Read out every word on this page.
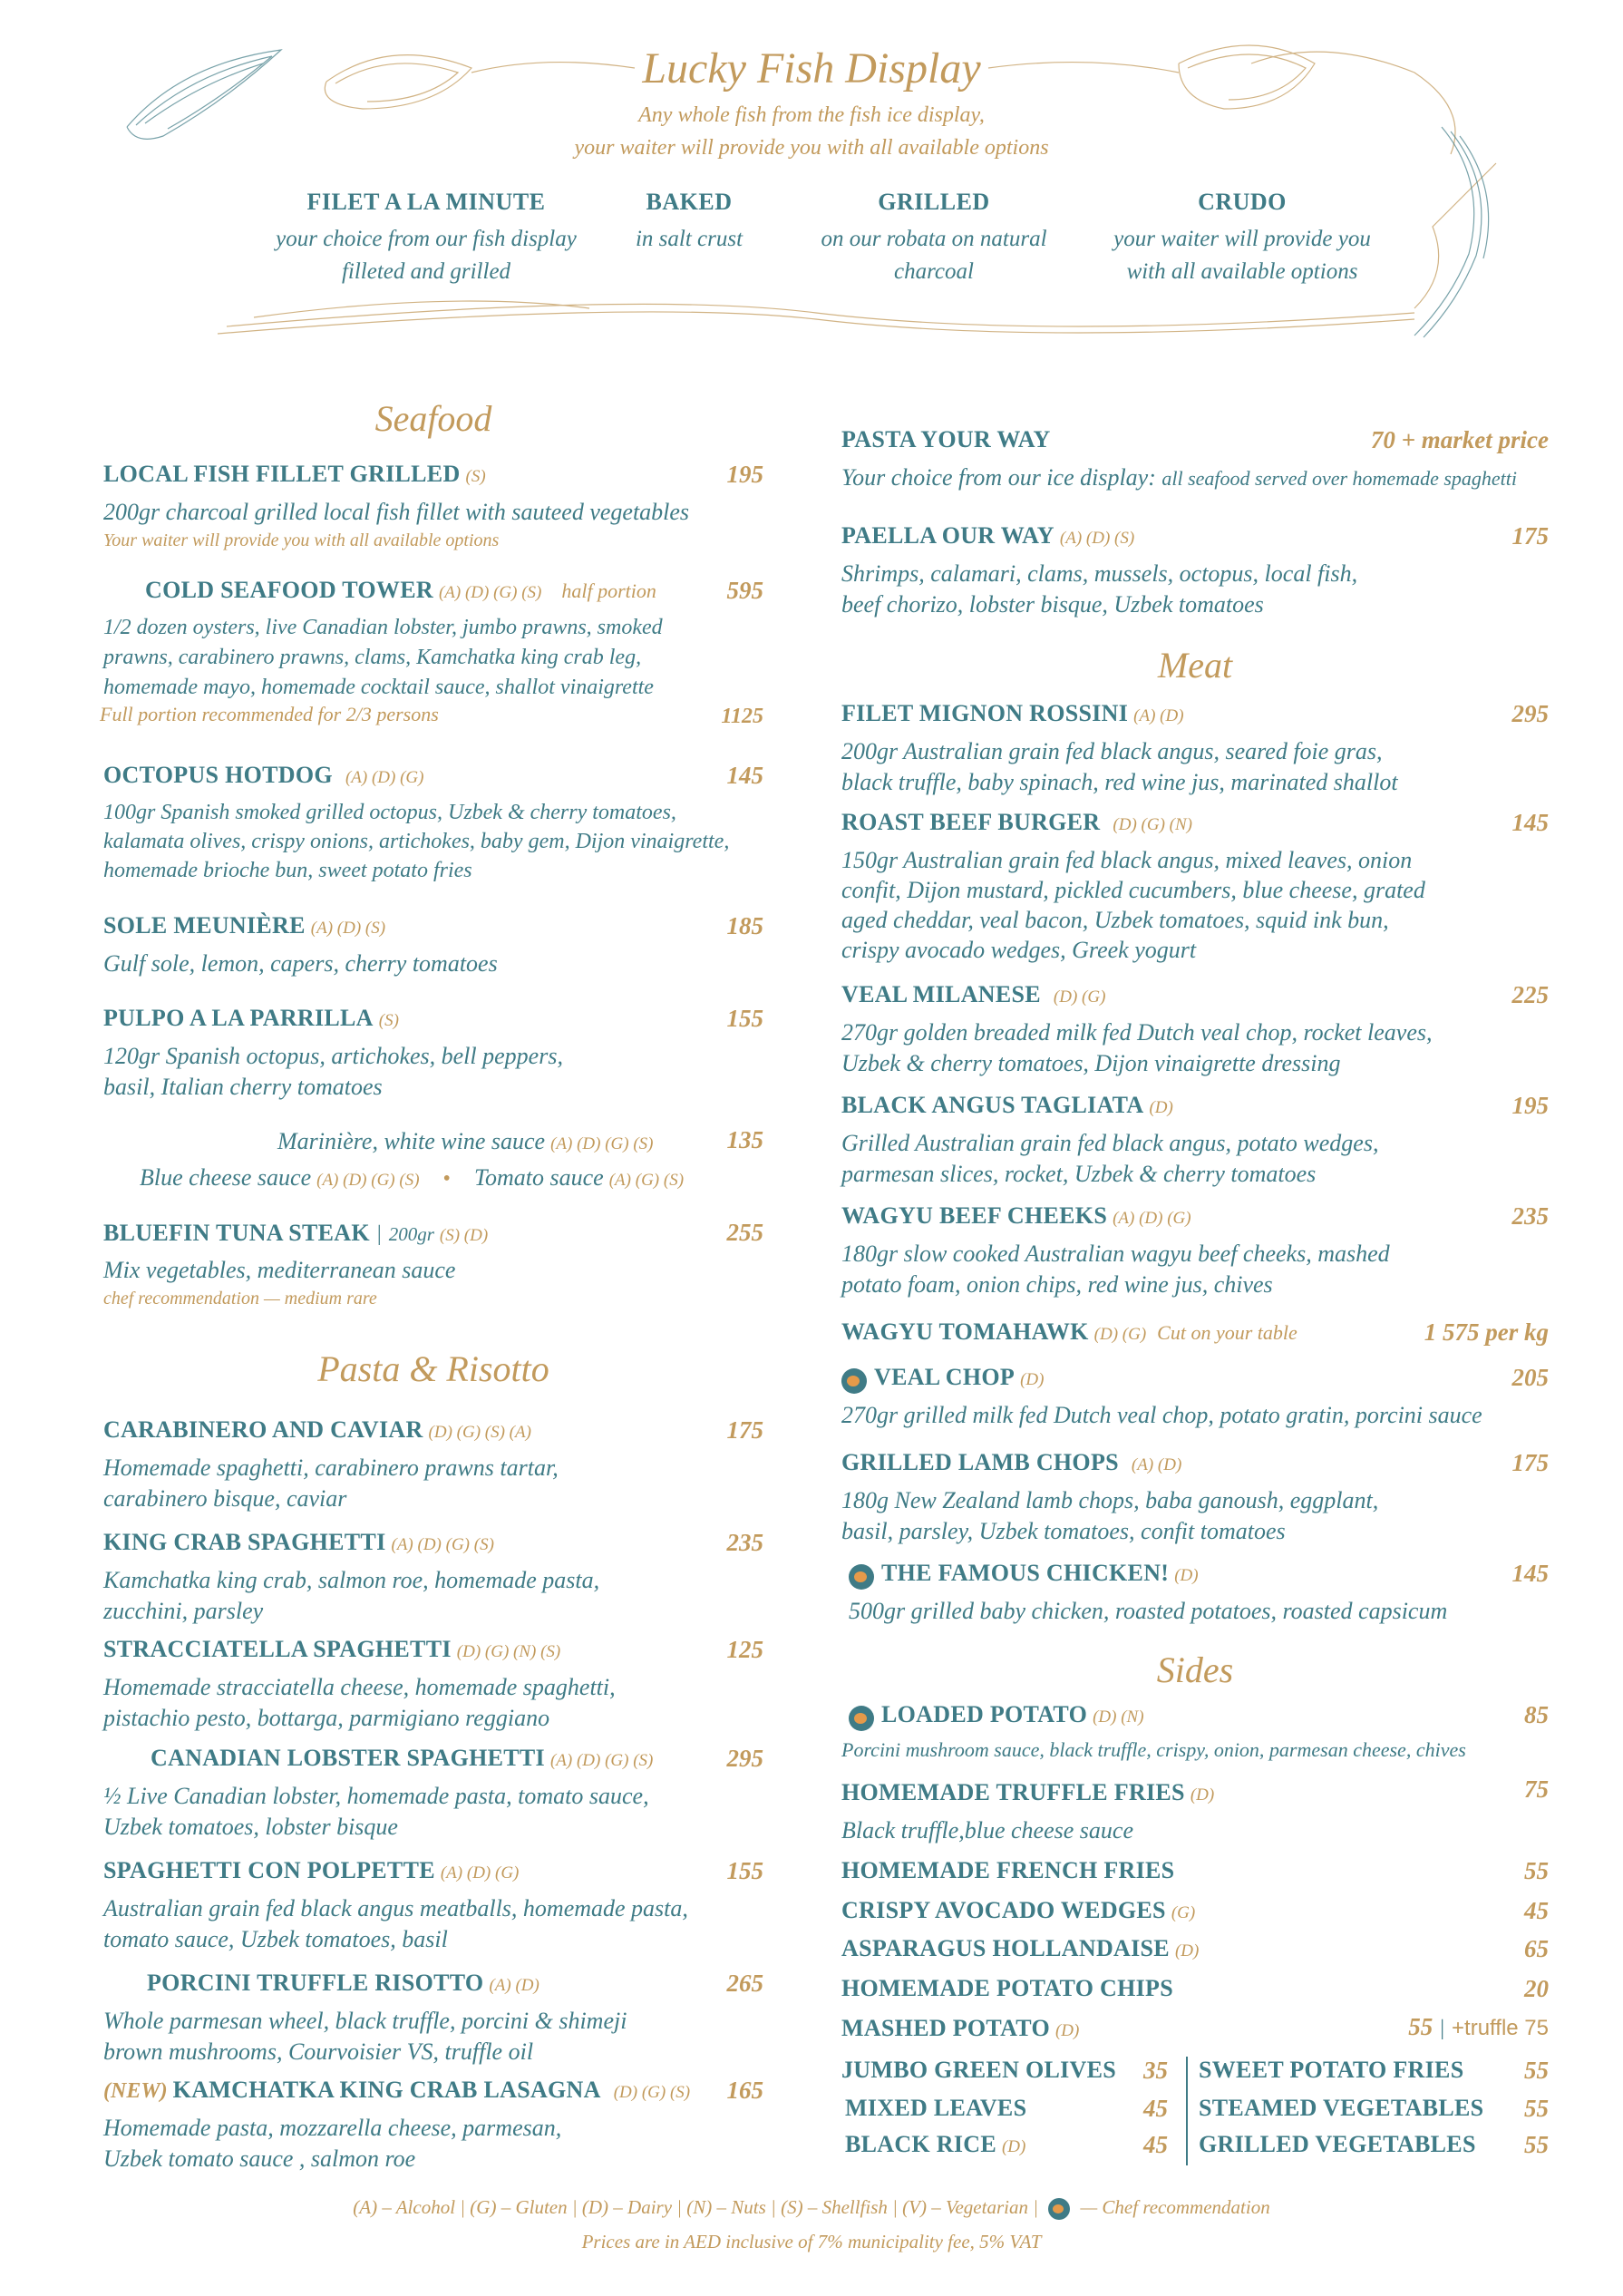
Lucky Fish Display
Any whole fish from the fish ice display,
your waiter will provide you with all available options
FILET A LA MINUTE
your choice from our fish display
filleted and grilled
BAKED
in salt crust
GRILLED
on our robata on natural
charcoal
CRUDO
your waiter will provide you
with all available options
Seafood
LOCAL FISH FILLET GRILLED (S)	195
200gr charcoal grilled local fish fillet with sauteed vegetables
Your waiter will provide you with all available options
COLD SEAFOOD TOWER (A) (D) (G) (S) half portion	595
1/2 dozen oysters, live Canadian lobster, jumbo prawns, smoked
prawns, carabinero prawns, clams, Kamchatka king crab leg,
homemade mayo, homemade cocktail sauce, shallot vinaigrette
1125
Full portion recommended for 2/3 persons
OCTOPUS HOTDOG (A) (D) (G)	145
100gr Spanish smoked grilled octopus, Uzbek & cherry tomatoes,
kalamata olives, crispy onions, artichokes, baby gem, Dijon vinaigrette,
homemade brioche bun, sweet potato fries
SOLE MEUNIÈRE (A) (D) (S)	185
Gulf sole, lemon, capers, cherry tomatoes
PULPO A LA PARRILLA (S)	155
120gr Spanish octopus, artichokes, bell peppers,
basil, Italian cherry tomatoes
Marinière, white wine sauce (A) (D) (G) (S)	135
Blue cheese sauce (A) (D) (G) (S) • Tomato sauce (A) (G) (S)
BLUEFIN TUNA STEAK | 200gr (S) (D)	255
Mix vegetables, mediterranean sauce
chef recommendation — medium rare
Pasta & Risotto
CARABINERO AND CAVIAR (D) (G) (S) (A)	175
Homemade spaghetti, carabinero prawns tartar,
carabinero bisque, caviar
KING CRAB SPAGHETTI (A) (D) (G) (S)	235
Kamchatka king crab, salmon roe, homemade pasta,
zucchini, parsley
STRACCIATELLA SPAGHETTI (D) (G) (N) (S)	125
Homemade stracciatella cheese, homemade spaghetti,
pistachio pesto, bottarga, parmigiano reggiano
CANADIAN LOBSTER SPAGHETTI (A) (D) (G) (S)	295
½ Live Canadian lobster, homemade pasta, tomato sauce,
Uzbek tomatoes, lobster bisque
SPAGHETTI CON POLPETTE (A) (D) (G)	155
Australian grain fed black angus meatballs, homemade pasta,
tomato sauce, Uzbek tomatoes, basil
PORCINI TRUFFLE RISOTTO (A) (D)	265
Whole parmesan wheel, black truffle, porcini & shimeji
brown mushrooms, Courvoisier VS, truffle oil
(NEW) KAMCHATKA KING CRAB LASAGNA (D) (G) (S) 165
Homemade pasta, mozzarella cheese, parmesan,
Uzbek tomato sauce , salmon roe
PASTA YOUR WAY	70 + market price
Your choice from our ice display: all seafood served over homemade spaghetti
PAELLA OUR WAY (A) (D) (S)	175
Shrimps, calamari, clams, mussels, octopus, local fish,
beef chorizo, lobster bisque, Uzbek tomatoes
Meat
FILET MIGNON ROSSINI (A) (D)	295
200gr Australian grain fed black angus, seared foie gras,
black truffle, baby spinach, red wine jus, marinated shallot
ROAST BEEF BURGER (D) (G) (N)	145
150gr Australian grain fed black angus, mixed leaves, onion
confit, Dijon mustard, pickled cucumbers, blue cheese, grated
aged cheddar, veal bacon, Uzbek tomatoes, squid ink bun,
crispy avocado wedges, Greek yogurt
VEAL MILANESE (D) (G)	225
270gr golden breaded milk fed Dutch veal chop, rocket leaves,
Uzbek & cherry tomatoes, Dijon vinaigrette dressing
BLACK ANGUS TAGLIATA (D)	195
Grilled Australian grain fed black angus, potato wedges,
parmesan slices, rocket, Uzbek & cherry tomatoes
WAGYU BEEF CHEEKS (A) (D) (G)	235
180gr slow cooked Australian wagyu beef cheeks, mashed
potato foam, onion chips, red wine jus, chives
WAGYU TOMAHAWK (D) (G) Cut on your table	1 575 per kg
VEAL CHOP (D)	205
270gr grilled milk fed Dutch veal chop, potato gratin, porcini sauce
GRILLED LAMB CHOPS (A) (D)	175
180g New Zealand lamb chops, baba ganoush, eggplant,
basil, parsley, Uzbek tomatoes, confit tomatoes
THE FAMOUS CHICKEN! (D)	145
500gr grilled baby chicken, roasted potatoes, roasted capsicum
Sides
LOADED POTATO (D) (N)	85
Porcini mushroom sauce, black truffle, crispy, onion, parmesan cheese, chives
HOMEMADE TRUFFLE FRIES (D)	75
Black truffle,blue cheese sauce
HOMEMADE FRENCH FRIES	55
CRISPY AVOCADO WEDGES (G)	45
ASPARAGUS HOLLANDAISE (D)	65
HOMEMADE POTATO CHIPS	20
MASHED POTATO (D)	55 | +truffle 75
JUMBO GREEN OLIVES 35
MIXED LEAVES	45
BLACK RICE (D)	45
SWEET POTATO FRIES 55
STEAMED VEGETABLES 55
GRILLED VEGETABLES 55
(A) – Alcohol | (G) – Gluten | (D) – Dairy | (N) – Nuts | (S) – Shellfish | (V) – Vegetarian | — Chef recommendation
Prices are in AED inclusive of 7% municipality fee, 5% VAT
